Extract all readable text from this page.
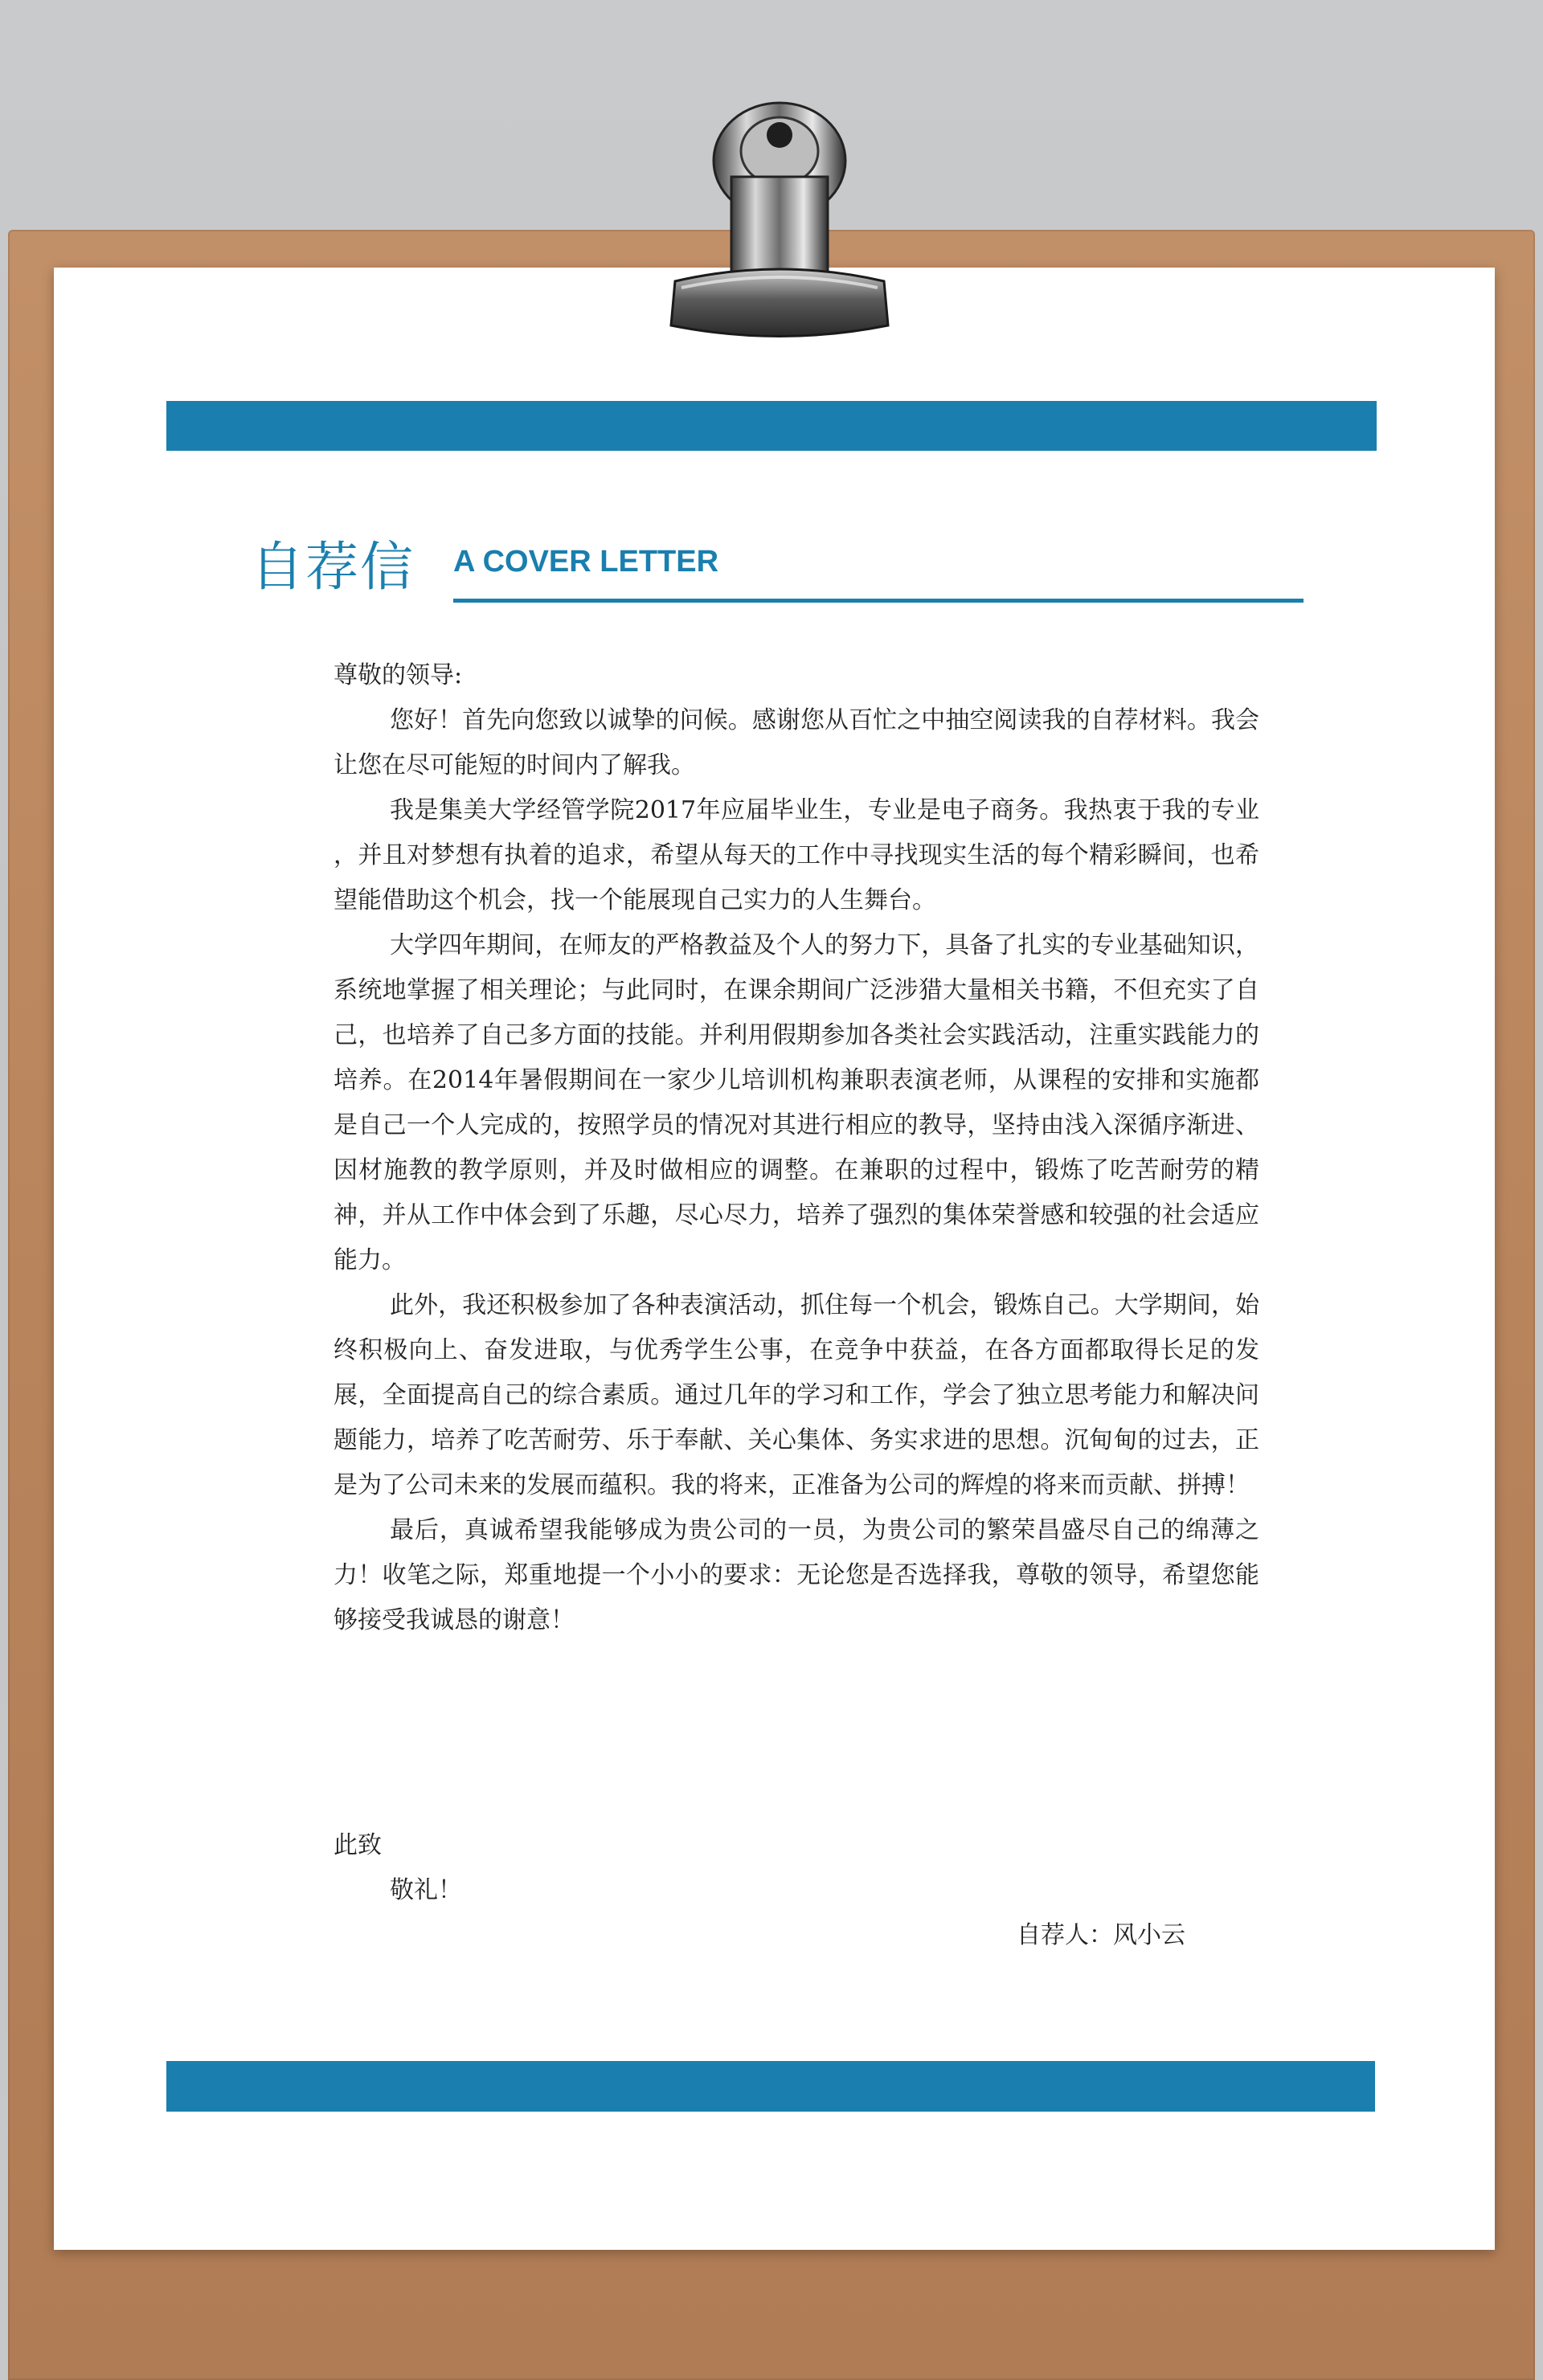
自荐信 A COVER LETTER

尊敬的领导:

您好！首先向您致以诚挚的问候。感谢您从百忙之中抽空阅读我的自荐材料。我会让您在尽可能短的时间内了解我。

我是集美大学经管学院2017年应届毕业生，专业是电子商务。我热衷于我的专业 ，并且对梦想有执着的追求，希望从每天的工作中寻找现实生活的每个精彩瞬间，也希望能借助这个机会，找一个能展现自己实力的人生舞台。

大学四年期间，在师友的严格教益及个人的努力下，具备了扎实的专业基础知识，系统地掌握了相关理论；与此同时，在课余期间广泛涉猎大量相关书籍，不但充实了自己，也培养了自己多方面的技能。并利用假期参加各类社会实践活动，注重实践能力的培养。在2014年暑假期间在一家少儿培训机构兼职表演老师，从课程的安排和实施都是自己一个人完成的，按照学员的情况对其进行相应的教导，坚持由浅入深循序渐进、因材施教的教学原则，并及时做相应的调整。在兼职的过程中，锻炼了吃苦耐劳的精神，并从工作中体会到了乐趣，尽心尽力，培养了强烈的集体荣誉感和较强的社会适应能力。

此外，我还积极参加了各种表演活动，抓住每一个机会，锻炼自己。大学期间，始终积极向上、奋发进取，与优秀学生公事，在竞争中获益，在各方面都取得长足的发展，全面提高自己的综合素质。通过几年的学习和工作，学会了独立思考能力和解决问题能力，培养了吃苦耐劳、乐于奉献、关心集体、务实求进的思想。沉甸甸的过去，正是为了公司未来的发展而蕴积。我的将来，正准备为公司的辉煌的将来而贡献、拼搏！

最后，真诚希望我能够成为贵公司的一员，为贵公司的繁荣昌盛尽自己的绵薄之力！收笔之际，郑重地提一个小小的要求：无论您是否选择我，尊敬的领导，希望您能够接受我诚恳的谢意！

此致
敬礼！
自荐人：风小云
